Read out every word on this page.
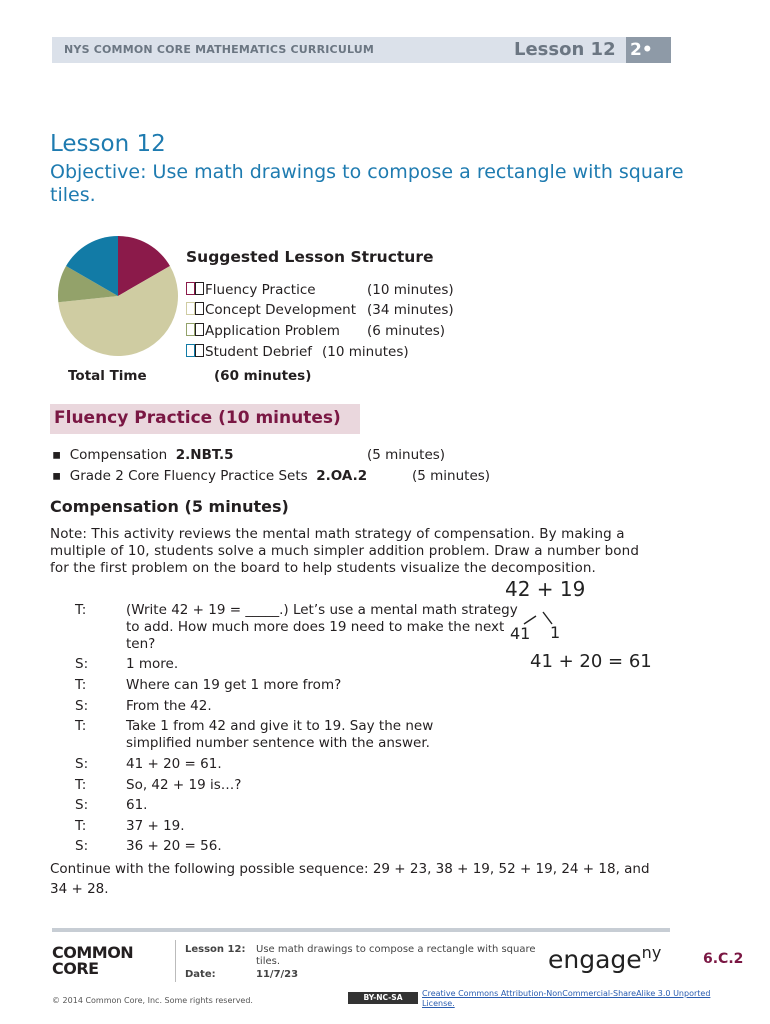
NYS COMMON CORE MATHEMATICS CURRICULUM	Lesson 12 2•
Lesson 12
Objective: Use math drawings to compose a rectangle with square tiles.
Suggested Lesson Structure
Fluency Practice	(10 minutes)
Concept Development (34 minutes)
Application Problem (6 minutes)
Student Debrief (10 minutes)
Total Time	(60 minutes)
Fluency Practice (10 minutes)
▪ Compensation 2.NBT.5	(5 minutes)
▪ Grade 2 Core Fluency Practice Sets 2.OA.2	(5 minutes)
Compensation (5 minutes)
Note: This activity reviews the mental math strategy of compensation. By making a multiple of 10, students solve a much simpler addition problem. Draw a number bond for the first problem on the board to help students visualize the decomposition.
T:	(Write 42 + 19 = _____.) Let’s use a mental math strategy to add. How much more does 19 need to make the next ten?
S:	1 more.
T:	Where can 19 get 1 more from?
S:	From the 42.
T:	Take 1 from 42 and give it to 19. Say the new simplified number sentence with the answer.
S:	41 + 20 = 61.
T:	So, 42 + 19 is…?
S:	61.
T:	37 + 19.
S:	36 + 20 = 56.
42 + 19
41 1
41 + 20 = 61
Continue with the following possible sequence: 29 + 23, 38 + 19, 52 + 19, 24 + 18, and 34 + 28.
COMMON
CORE
Lesson 12: Use math drawings to compose a rectangle with square tiles.
Date:	11/7/23
engage$^{ny}$	6.C.2
© 2014 Common Core, Inc. Some rights reserved.	BY-NC-SA	Creative Commons Attribution-NonCommercial-ShareAlike 3.0 Unported License.
